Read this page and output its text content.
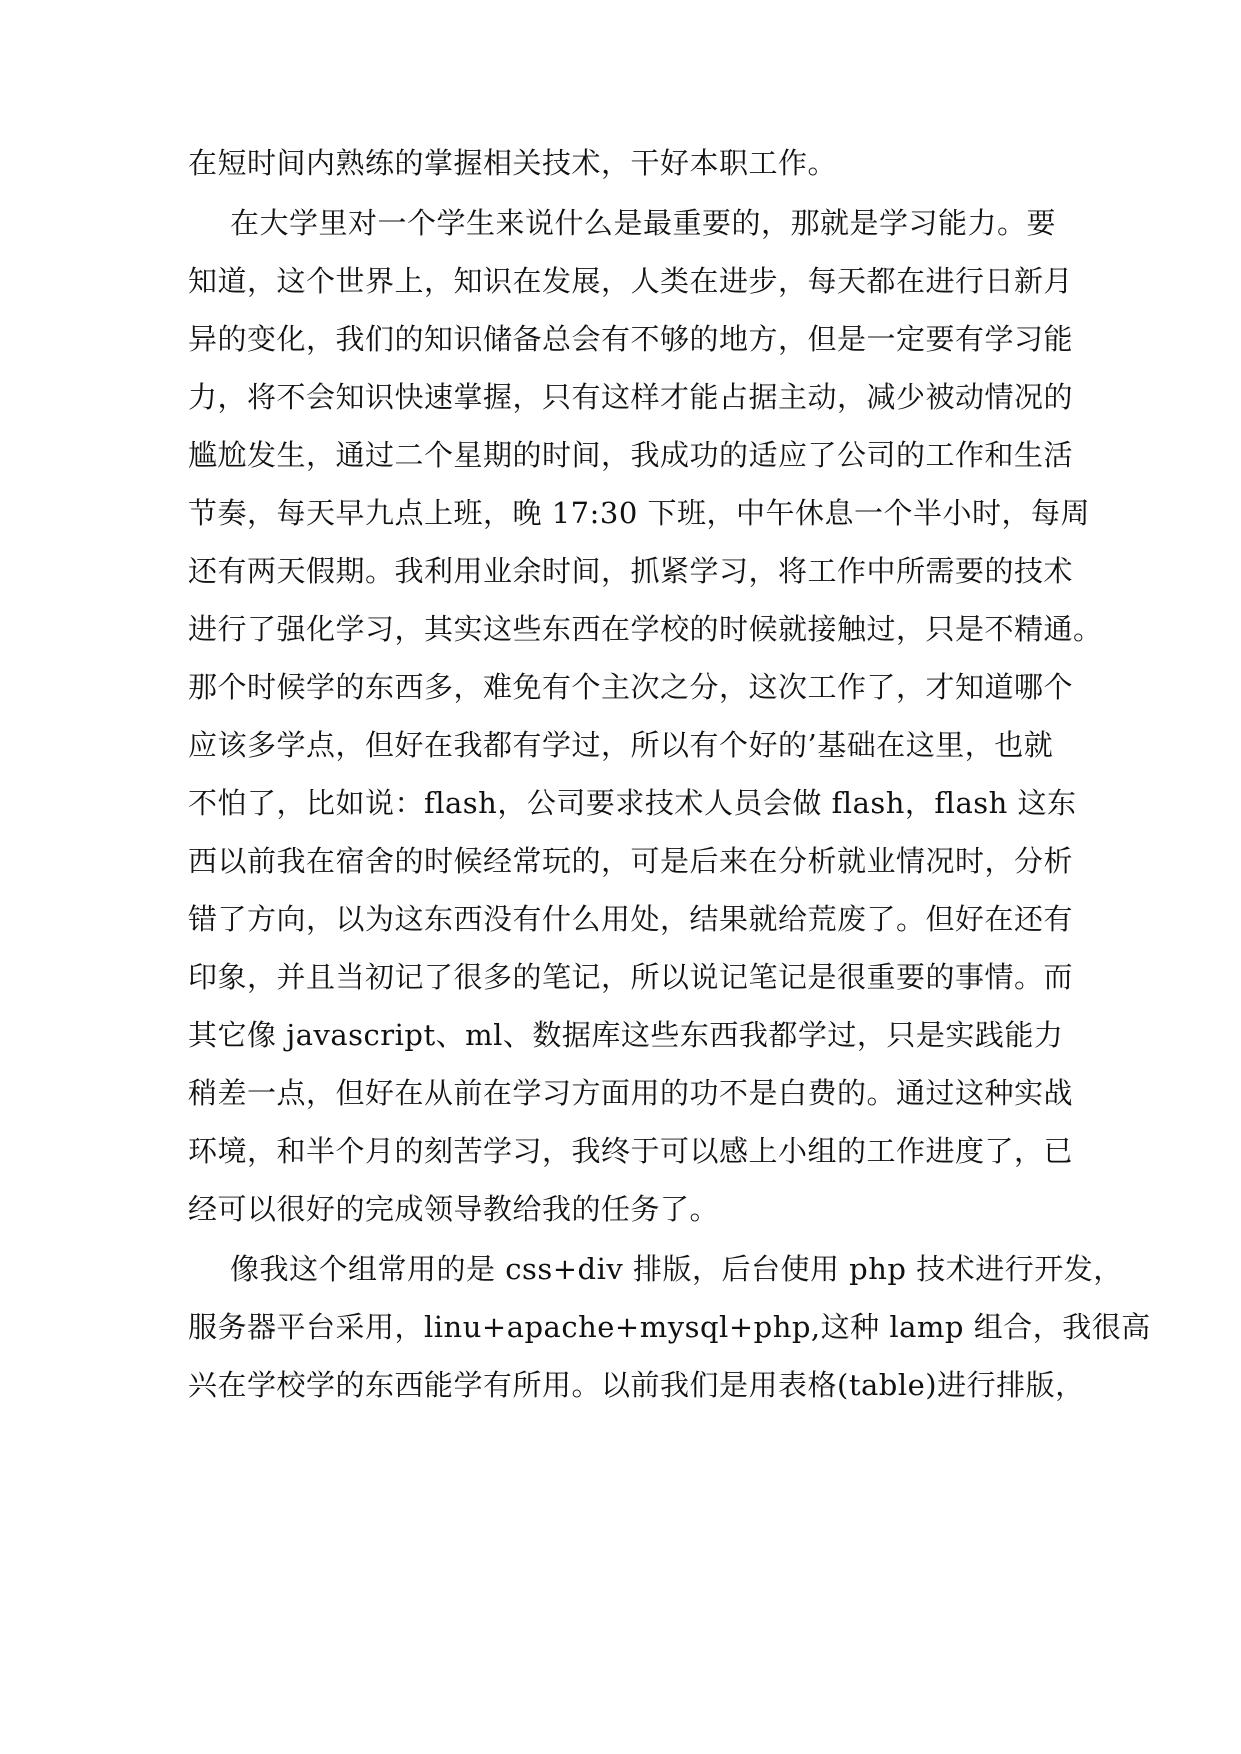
在短时间内熟练的掌握相关技术，干好本职工作。
在大学里对一个学生来说什么是最重要的，那就是学习能力。要
知道，这个世界上，知识在发展，人类在进步，每天都在进行日新月
异的变化，我们的知识储备总会有不够的地方，但是一定要有学习能
力，将不会知识快速掌握，只有这样才能占据主动，减少被动情况的
尴尬发生，通过二个星期的时间，我成功的适应了公司的工作和生活
节奏，每天早九点上班，晚 17:30 下班，中午休息一个半小时，每周
还有两天假期。我利用业余时间，抓紧学习，将工作中所需要的技术
进行了强化学习，其实这些东西在学校的时候就接触过，只是不精通。
那个时候学的东西多，难免有个主次之分，这次工作了，才知道哪个
应该多学点，但好在我都有学过，所以有个好的’基础在这里，也就
不怕了，比如说：flash，公司要求技术人员会做 flash，flash 这东
西以前我在宿舍的时候经常玩的，可是后来在分析就业情况时，分析
错了方向，以为这东西没有什么用处，结果就给荒废了。但好在还有
印象，并且当初记了很多的笔记，所以说记笔记是很重要的事情。而
其它像 javascript、ml、数据库这些东西我都学过，只是实践能力
稍差一点，但好在从前在学习方面用的功不是白费的。通过这种实战
环境，和半个月的刻苦学习，我终于可以感上小组的工作进度了，已
经可以很好的完成领导教给我的任务了。
像我这个组常用的是 css+div 排版，后台使用 php 技术进行开发，
服务器平台采用，linu+apache+mysql+php,这种 lamp 组合，我很高
兴在学校学的东西能学有所用。以前我们是用表格(table)进行排版，
